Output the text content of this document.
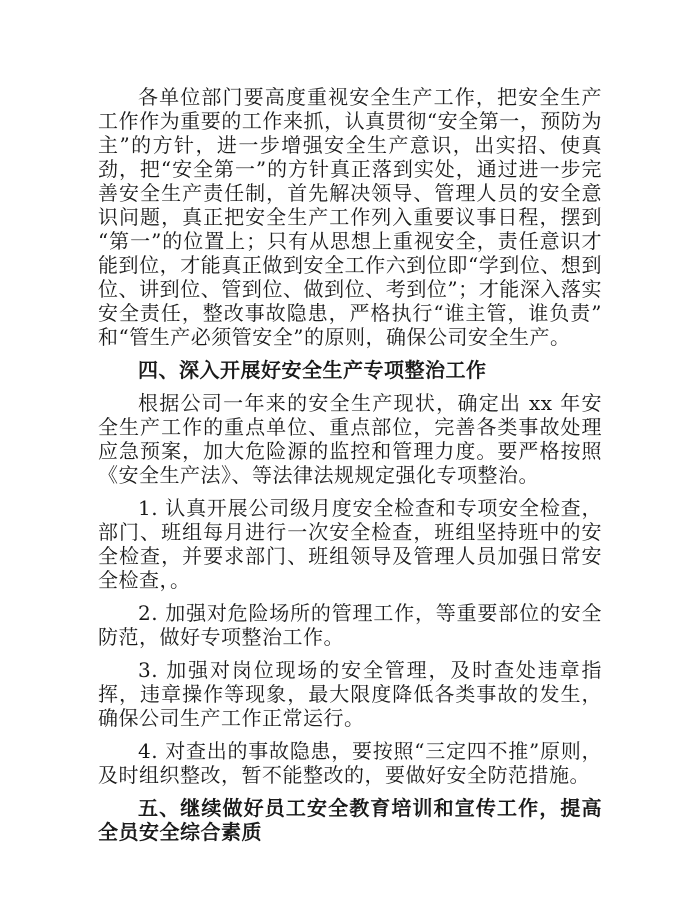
各单位部门要高度重视安全生产工作，把安全生产工作作为重要的工作来抓，认真贯彻“安全第一，预防为主”的方针，进一步增强安全生产意识，出实招、使真劲，把“安全第一”的方针真正落到实处，通过进一步完善安全生产责任制，首先解决领导、管理人员的安全意识问题，真正把安全生产工作列入重要议事日程，摆到“第一”的位置上；只有从思想上重视安全，责任意识才能到位，才能真正做到安全工作六到位即“学到位、想到位、讲到位、管到位、做到位、考到位”；才能深入落实安全责任，整改事故隐患，严格执行“谁主管，谁负责”和“管生产必须管安全”的原则，确保公司安全生产。

四、深入开展好安全生产专项整治工作

根据公司一年来的安全生产现状，确定出 xx 年安全生产工作的重点单位、重点部位，完善各类事故处理应急预案，加大危险源的监控和管理力度。要严格按照《安全生产法》、等法律法规规定强化专项整治。

1. 认真开展公司级月度安全检查和专项安全检查，部门、班组每月进行一次安全检查，班组坚持班中的安全检查，并要求部门、班组领导及管理人员加强日常安全检查，。

2. 加强对危险场所的管理工作，等重要部位的安全防范，做好专项整治工作。

3. 加强对岗位现场的安全管理，及时查处违章指挥，违章操作等现象，最大限度降低各类事故的发生，确保公司生产工作正常运行。

4. 对查出的事故隐患，要按照“三定四不推”原则，及时组织整改，暂不能整改的，要做好安全防范措施。

五、继续做好员工安全教育培训和宣传工作，提高全员安全综合素质
